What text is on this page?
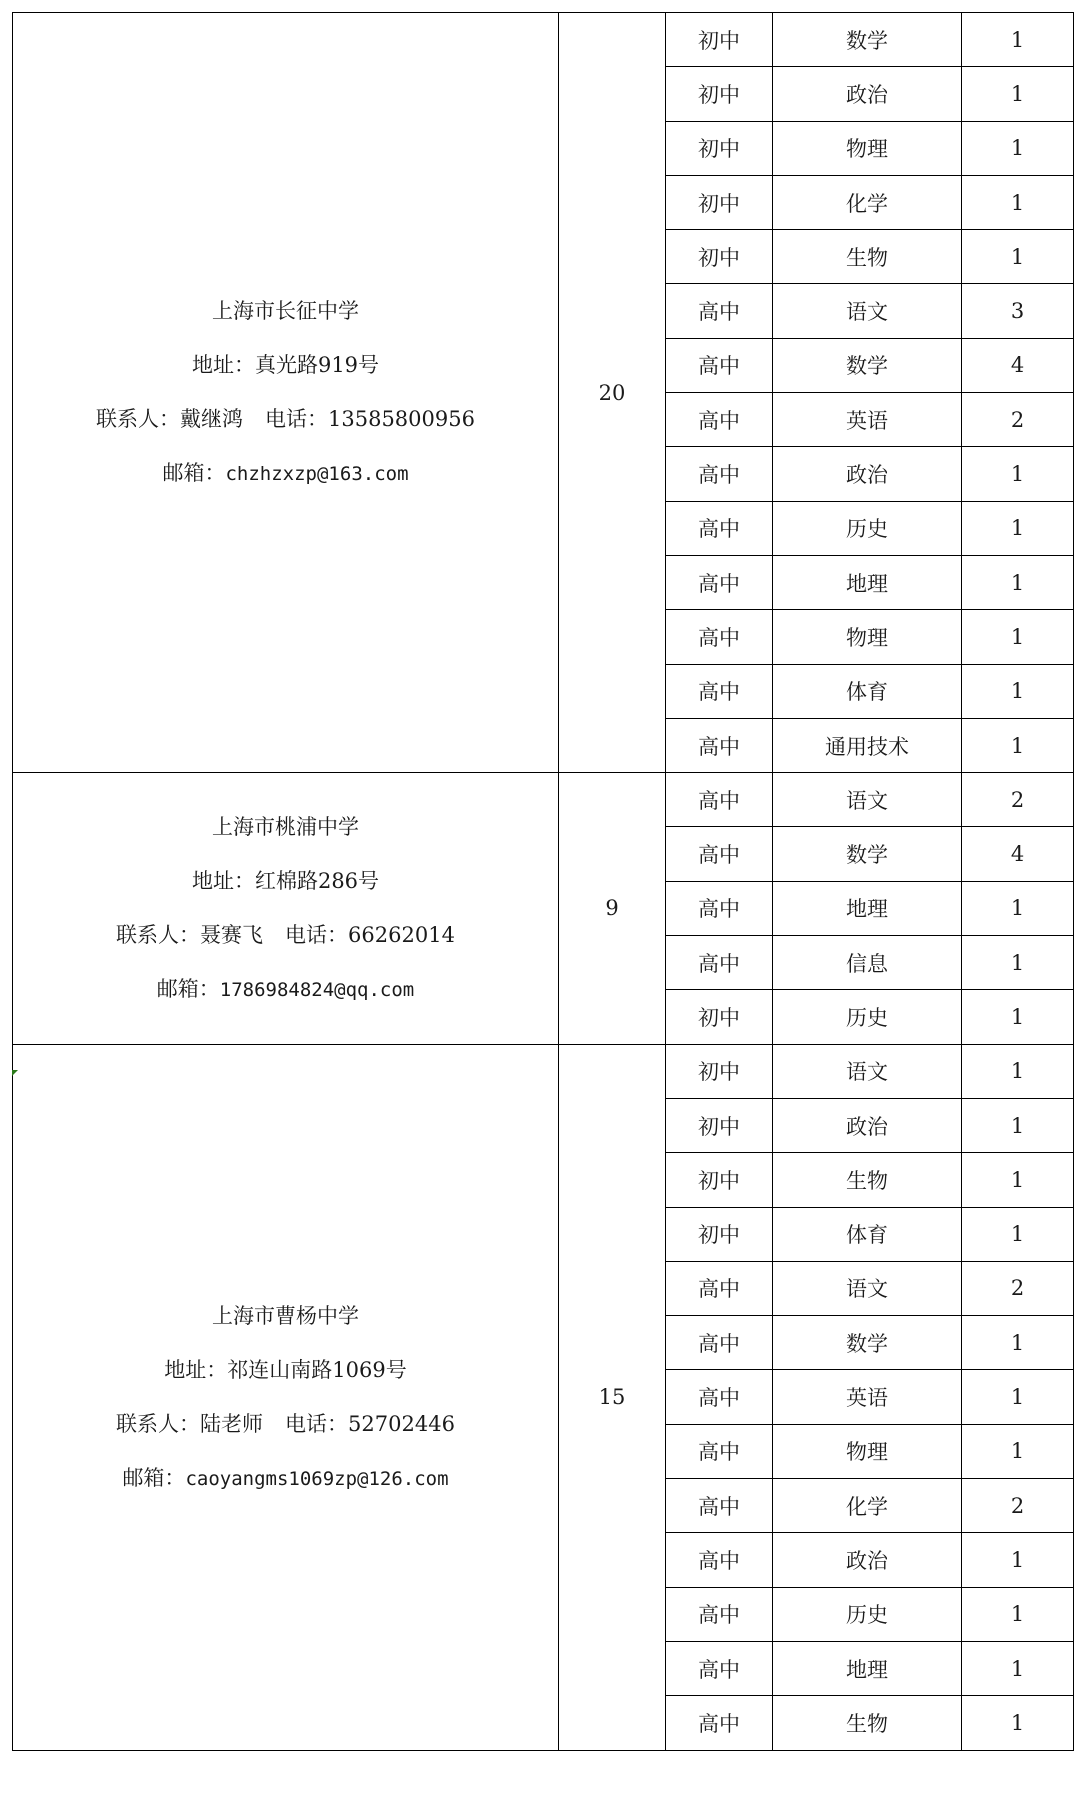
上海市长征中学
地址：真光路919号
联系人：戴继鸿 电话：13585800956
邮箱：chzhzxzp@163.com	20	初中	数学	1
		初中	政治	1
		初中	物理	1
		初中	化学	1
		初中	生物	1
		高中	语文	3
		高中	数学	4
		高中	英语	2
		高中	政治	1
		高中	历史	1
		高中	地理	1
		高中	物理	1
		高中	体育	1
		高中	通用技术	1

上海市桃浦中学
地址：红棉路286号
联系人：聂赛飞 电话：66262014
邮箱：1786984824@qq.com	9	高中	语文	2
		高中	数学	4
		高中	地理	1
		高中	信息	1
		初中	历史	1

上海市曹杨中学
地址：祁连山南路1069号
联系人：陆老师 电话：52702446
邮箱：caoyangms1069zp@126.com	15	初中	语文	1
		初中	政治	1
		初中	生物	1
		初中	体育	1
		高中	语文	2
		高中	数学	1
		高中	英语	1
		高中	物理	1
		高中	化学	2
		高中	政治	1
		高中	历史	1
		高中	地理	1
		高中	生物	1
